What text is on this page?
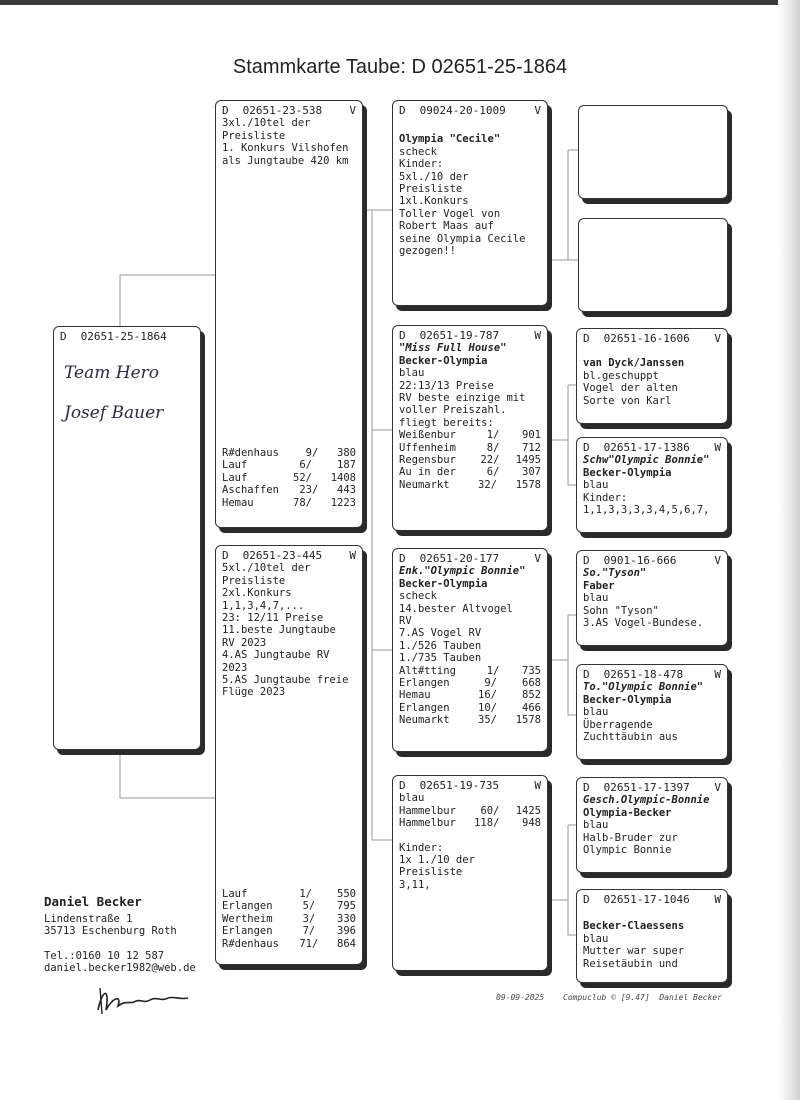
Stammkarte Taube: D 02651-25-1864
D	02651-25-1864
Team Hero
Josef Bauer
D	02651-23-538	V
3xl./10tel der
Preisliste
1. Konkurs Vilshofen
als Jungtaube 420 km
R#denhaus	9/	380
Lauf	6/	187
Lauf	52/	1408
Aschaffen	23/	443
Hemau	78/	1223
D	02651-23-445	W
5xl./10tel der
Preisliste
2xl.Konkurs
1,1,3,4,7,...
23: 12/11 Preise
11.beste Jungtaube
RV 2023
4.AS Jungtaube RV
2023
5.AS Jungtaube freie
Flüge 2023
Lauf	1/	550
Erlangen	5/	795
Wertheim	3/	330
Erlangen	7/	396
R#denhaus	71/	864
D	09024-20-1009	V
Olympia "Cecile"
scheck
Kinder:
5xl./10 der
Preisliste
1xl.Konkurs
Toller Vogel von
Robert Maas auf
seine Olympia Cecile
gezogen!!
D	02651-19-787	W
"Miss Full House"
Becker-Olympia
blau
22:13/13 Preise
RV beste einzige mit
voller Preiszahl.
fliegt bereits:
Weißenbur	1/	901
Uffenheim	8/	712
Regensbur	22/	1495
Au in der	6/	307
Neumarkt	32/	1578
D	02651-20-177	V
Enk."Olympic Bonnie"
Becker-Olympia
scheck
14.bester Altvogel
RV
7.AS Vogel RV
1./526 Tauben
1./735 Tauben
Alt#tting	1/	735
Erlangen	9/	668
Hemau	16/	852
Erlangen	10/	466
Neumarkt	35/	1578
D	02651-19-735	W
blau
Hammelbur	60/	1425
Hammelbur	118/	948
Kinder:
1x 1./10 der
Preisliste
3,11,
D	02651-16-1606	V
van Dyck/Janssen
bl.geschuppt
Vogel der alten
Sorte von Karl
D	02651-17-1386	W
Schw"Olympic Bonnie"
Becker-Olympia
blau
Kinder:
1,1,3,3,3,3,4,5,6,7,
D	0901-16-666	V
So."Tyson"
Faber
blau
Sohn "Tyson"
3.AS Vogel-Bundese.
D	02651-18-478	W
To."Olympic Bonnie"
Becker-Olympia
blau
Überragende
Zuchttäubin aus
D	02651-17-1397	V
Gesch.Olympic-Bonnie
Olympia-Becker
blau
Halb-Bruder zur
Olympic Bonnie
D	02651-17-1046	W
Becker-Claessens
blau
Mutter war super
Reisetäubin und
Daniel Becker
Lindenstraße 1
35713 Eschenburg Roth
Tel.:0160 10 12 587
daniel.becker1982@web.de
09-09-2025 Compuclub © [9.47]  Daniel Becker
